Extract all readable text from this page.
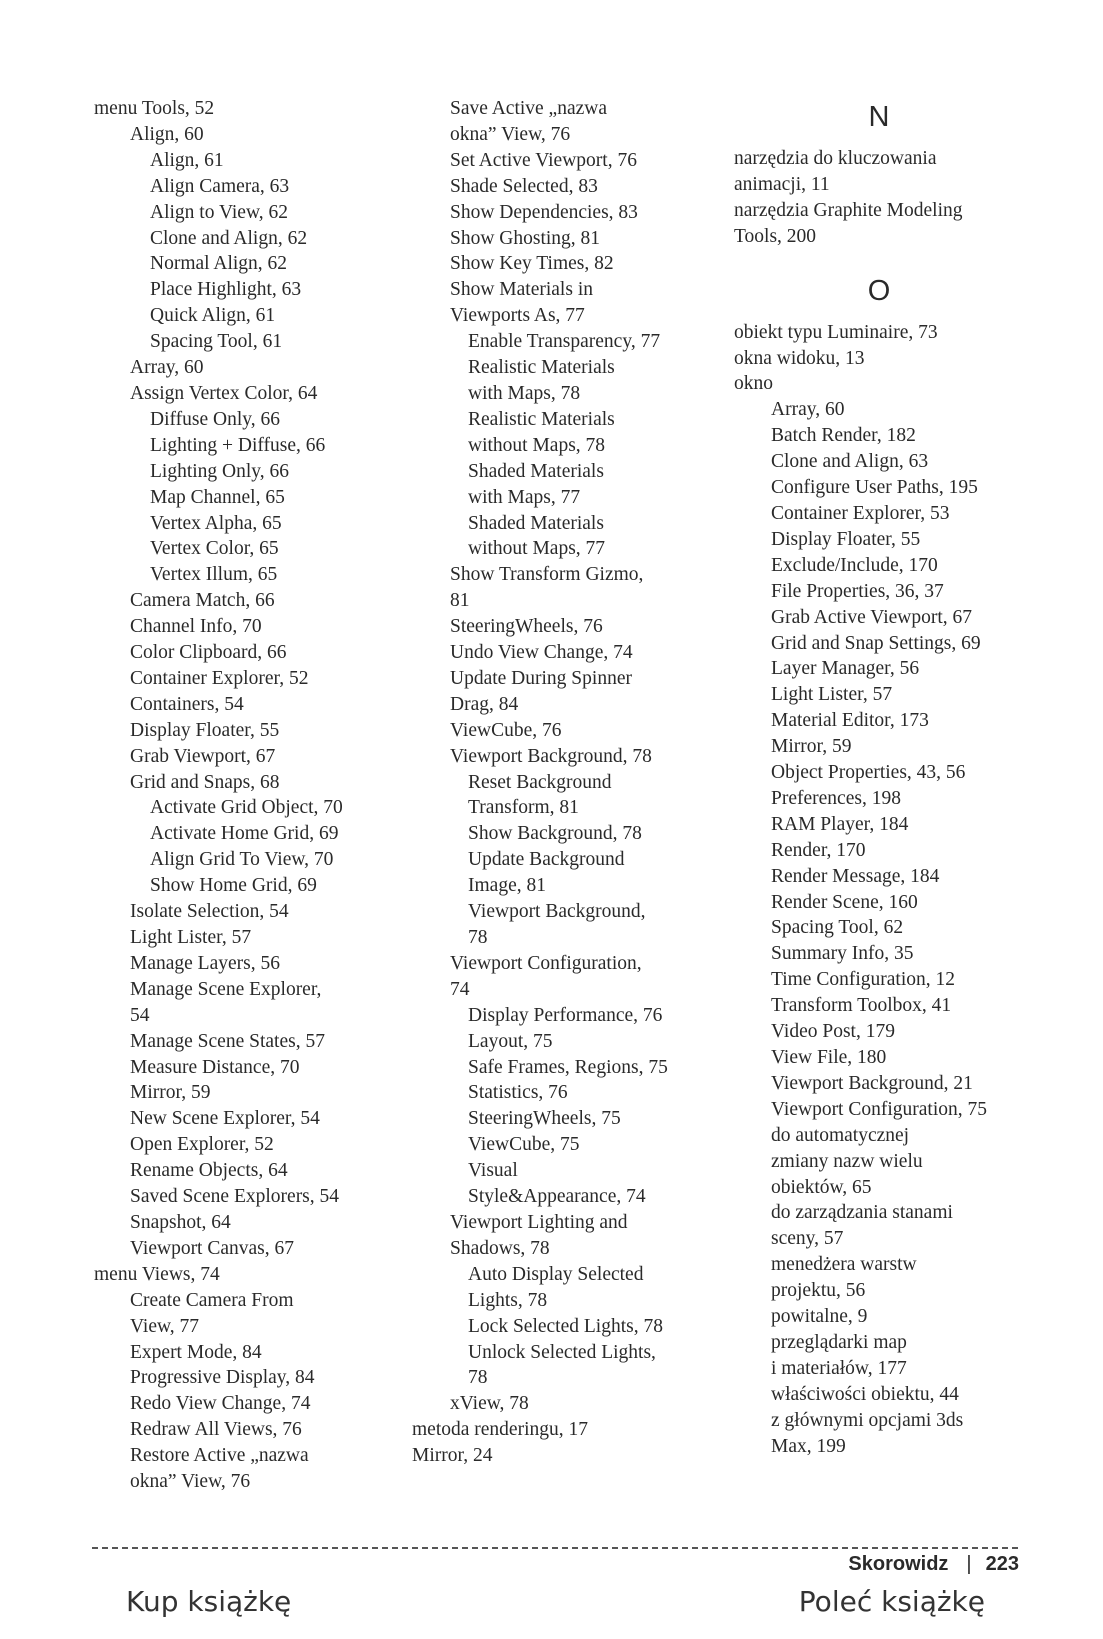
menu Tools, 52
Align, 60
Align, 61
Align Camera, 63
Align to View, 62
Clone and Align, 62
Normal Align, 62
Place Highlight, 63
Quick Align, 61
Spacing Tool, 61
Array, 60
Assign Vertex Color, 64
Diffuse Only, 66
Lighting + Diffuse, 66
Lighting Only, 66
Map Channel, 65
Vertex Alpha, 65
Vertex Color, 65
Vertex Illum, 65
Camera Match, 66
Channel Info, 70
Color Clipboard, 66
Container Explorer, 52
Containers, 54
Display Floater, 55
Grab Viewport, 67
Grid and Snaps, 68
Activate Grid Object, 70
Activate Home Grid, 69
Align Grid To View, 70
Show Home Grid, 69
Isolate Selection, 54
Light Lister, 57
Manage Layers, 56
Manage Scene Explorer,
54
Manage Scene States, 57
Measure Distance, 70
Mirror, 59
New Scene Explorer, 54
Open Explorer, 52
Rename Objects, 64
Saved Scene Explorers, 54
Snapshot, 64
Viewport Canvas, 67
menu Views, 74
Create Camera From
View, 77
Expert Mode, 84
Progressive Display, 84
Redo View Change, 74
Redraw All Views, 76
Restore Active „nazwa
okna” View, 76
Save Active „nazwa
okna” View, 76
Set Active Viewport, 76
Shade Selected, 83
Show Dependencies, 83
Show Ghosting, 81
Show Key Times, 82
Show Materials in
Viewports As, 77
Enable Transparency, 77
Realistic Materials
with Maps, 78
Realistic Materials
without Maps, 78
Shaded Materials
with Maps, 77
Shaded Materials
without Maps, 77
Show Transform Gizmo,
81
SteeringWheels, 76
Undo View Change, 74
Update During Spinner
Drag, 84
ViewCube, 76
Viewport Background, 78
Reset Background
Transform, 81
Show Background, 78
Update Background
Image, 81
Viewport Background,
78
Viewport Configuration,
74
Display Performance, 76
Layout, 75
Safe Frames, Regions, 75
Statistics, 76
SteeringWheels, 75
ViewCube, 75
Visual
Style&Appearance, 74
Viewport Lighting and
Shadows, 78
Auto Display Selected
Lights, 78
Lock Selected Lights, 78
Unlock Selected Lights,
78
xView, 78
metoda renderingu, 17
Mirror, 24
N
narzędzia do kluczowania
animacji, 11
narzędzia Graphite Modeling
Tools, 200
O
obiekt typu Luminaire, 73
okna widoku, 13
okno
Array, 60
Batch Render, 182
Clone and Align, 63
Configure User Paths, 195
Container Explorer, 53
Display Floater, 55
Exclude/Include, 170
File Properties, 36, 37
Grab Active Viewport, 67
Grid and Snap Settings, 69
Layer Manager, 56
Light Lister, 57
Material Editor, 173
Mirror, 59
Object Properties, 43, 56
Preferences, 198
RAM Player, 184
Render, 170
Render Message, 184
Render Scene, 160
Spacing Tool, 62
Summary Info, 35
Time Configuration, 12
Transform Toolbox, 41
Video Post, 179
View File, 180
Viewport Background, 21
Viewport Configuration, 75
do automatycznej
zmiany nazw wielu
obiektów, 65
do zarządzania stanami
sceny, 57
menedżera warstw
projektu, 56
powitalne, 9
przeglądarki map
i materiałów, 177
właściwości obiektu, 44
z głównymi opcjami 3ds
Max, 199
Skorowidz | 223
Kup książkę	Poleć książkę
